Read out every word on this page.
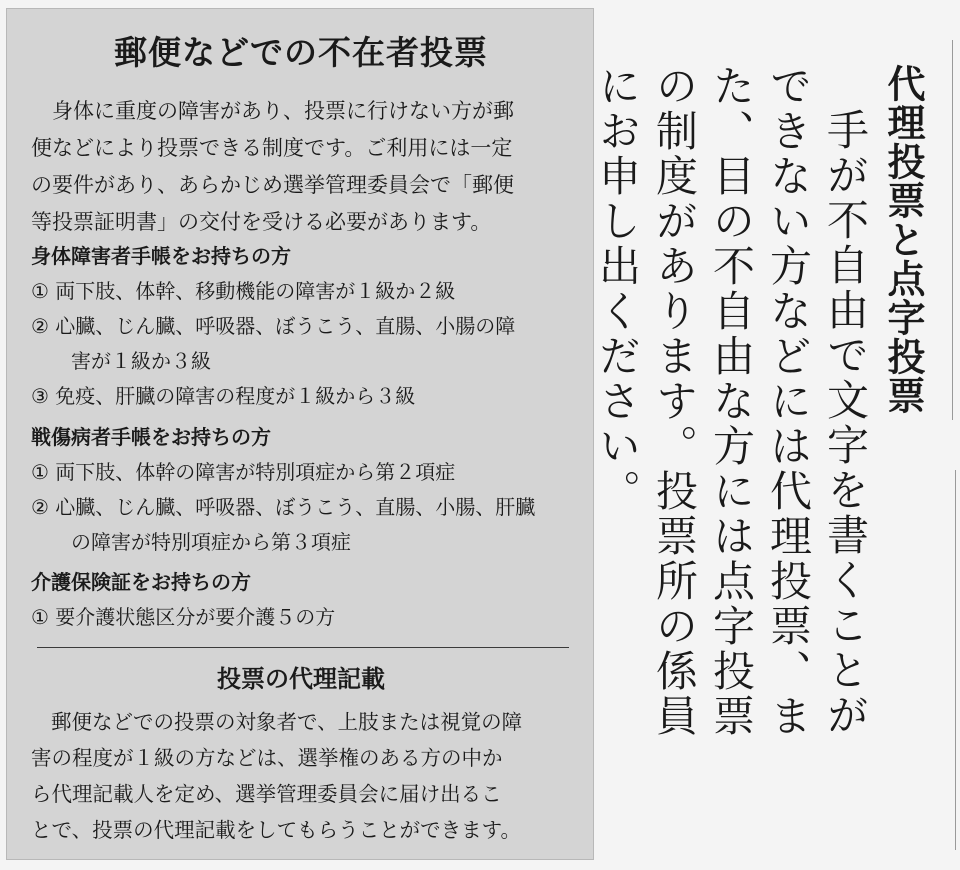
郵便などでの不在者投票
身体に重度の障害があり、投票に行けない方が郵
便などにより投票できる制度です。ご利用には一定
の要件があり、あらかじめ選挙管理委員会で「郵便
等投票証明書」の交付を受ける必要があります。
身体障害者手帳をお持ちの方
① 両下肢、体幹、移動機能の障害が１級か２級
② 心臓、じん臓、呼吸器、ぼうこう、直腸、小腸の障
害が１級か３級
③ 免疫、肝臓の障害の程度が１級から３級
戦傷病者手帳をお持ちの方
① 両下肢、体幹の障害が特別項症から第２項症
② 心臓、じん臓、呼吸器、ぼうこう、直腸、小腸、肝臓
の障害が特別項症から第３項症
介護保険証をお持ちの方
① 要介護状態区分が要介護５の方
投票の代理記載
郵便などでの投票の対象者で、上肢または視覚の障
害の程度が１級の方などは、選挙権のある方の中か
ら代理記載人を定め、選挙管理委員会に届け出るこ
とで、投票の代理記載をしてもらうことができます。
代理投票と点字投票
手が不自由で文字を書くことが
できない方などには代理投票、ま
た、目の不自由な方には点字投票
の制度があります。投票所の係員
にお申し出ください。
